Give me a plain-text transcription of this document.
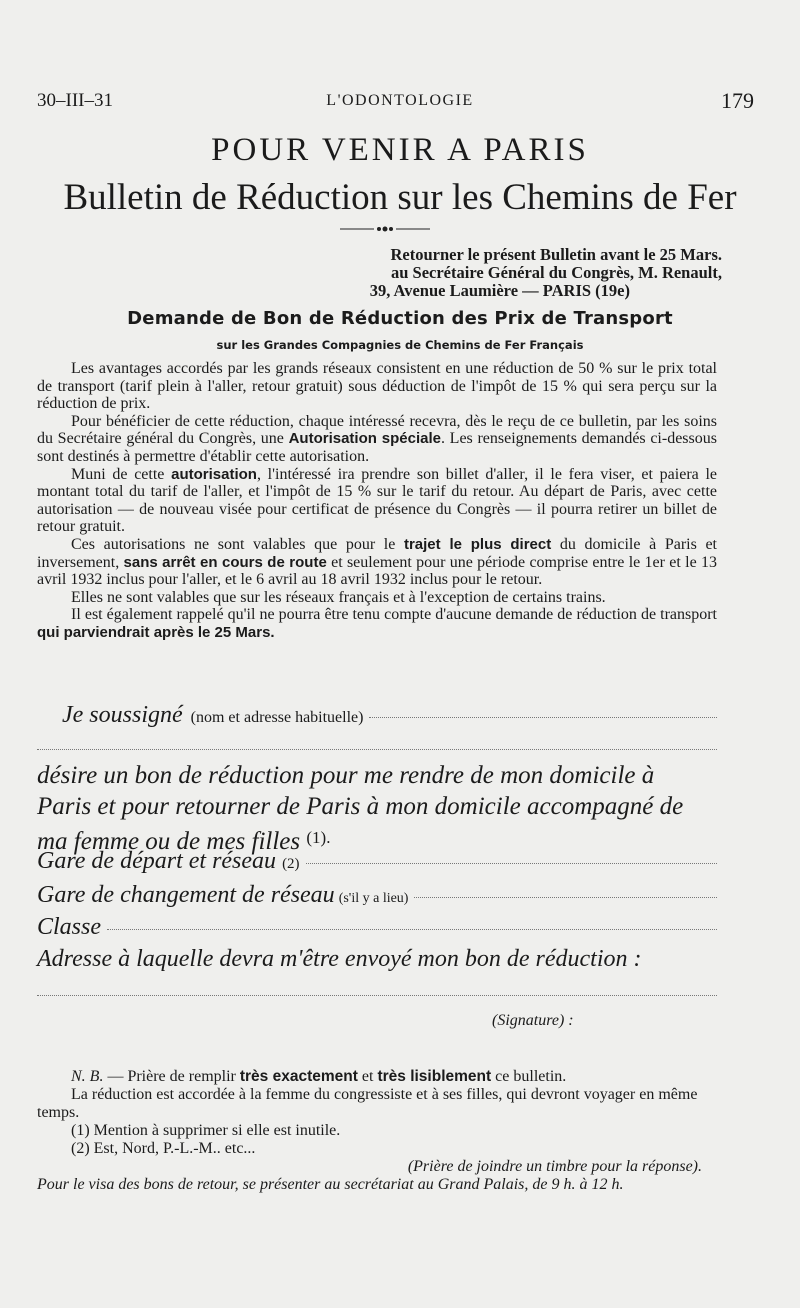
30–III–31	L'ODONTOLOGIE	179
POUR VENIR A PARIS
Bulletin de Réduction sur les Chemins de Fer
Retourner le présent Bulletin avant le 25 Mars.
au Secrétaire Général du Congrès, M. Renault,
39, Avenue Laumière — PARIS (19e)
Demande de Bon de Réduction des Prix de Transport
sur les Grandes Compagnies de Chemins de Fer Français

Les avantages accordés par les grands réseaux consistent en une réduction de 50 % sur le prix total de transport (tarif plein à l'aller, retour gratuit) sous déduction de l'impôt de 15 % qui sera perçu sur la réduction de prix.

Pour bénéficier de cette réduction, chaque intéressé recevra, dès le reçu de ce bulletin, par les soins du Secrétaire général du Congrès, une Autorisation spéciale. Les renseignements demandés ci-dessous sont destinés à permettre d'établir cette autorisation.

Muni de cette autorisation, l'intéressé ira prendre son billet d'aller, il le fera viser, et paiera le montant total du tarif de l'aller, et l'impôt de 15 % sur le tarif du retour. Au départ de Paris, avec cette autorisation — de nouveau visée pour certificat de présence du Congrès — il pourra retirer un billet de retour gratuit.

Ces autorisations ne sont valables que pour le trajet le plus direct du domicile à Paris et inversement, sans arrêt en cours de route et seulement pour une période comprise entre le 1er et le 13 avril 1932 inclus pour l'aller, et le 6 avril au 18 avril 1932 inclus pour le retour.

Elles ne sont valables que sur les réseaux français et à l'exception de certains trains.

Il est également rappelé qu'il ne pourra être tenu compte d'aucune demande de réduction de transport qui parviendrait après le 25 Mars.

Je soussigné (nom et adresse habituelle)
désire un bon de réduction pour me rendre de mon domicile à
Paris et pour retourner de Paris à mon domicile accompagné de
ma femme ou de mes filles $^{(1).}$
Gare de départ et réseau (2)
Gare de changement de réseau (s'il y a lieu)
Classe
Adresse à laquelle devra m'être envoyé mon bon de réduction :
(Signature) :

N. B. — Prière de remplir très exactement et très lisiblement ce bulletin.

La réduction est accordée à la femme du congressiste et à ses filles, qui devront voyager en même temps.

(1) Mention à supprimer si elle est inutile.

(2) Est, Nord, P.-L.-M.. etc...

(Prière de joindre un timbre pour la réponse).

Pour le visa des bons de retour, se présenter au secrétariat au Grand Palais, de 9 h. à 12 h.
